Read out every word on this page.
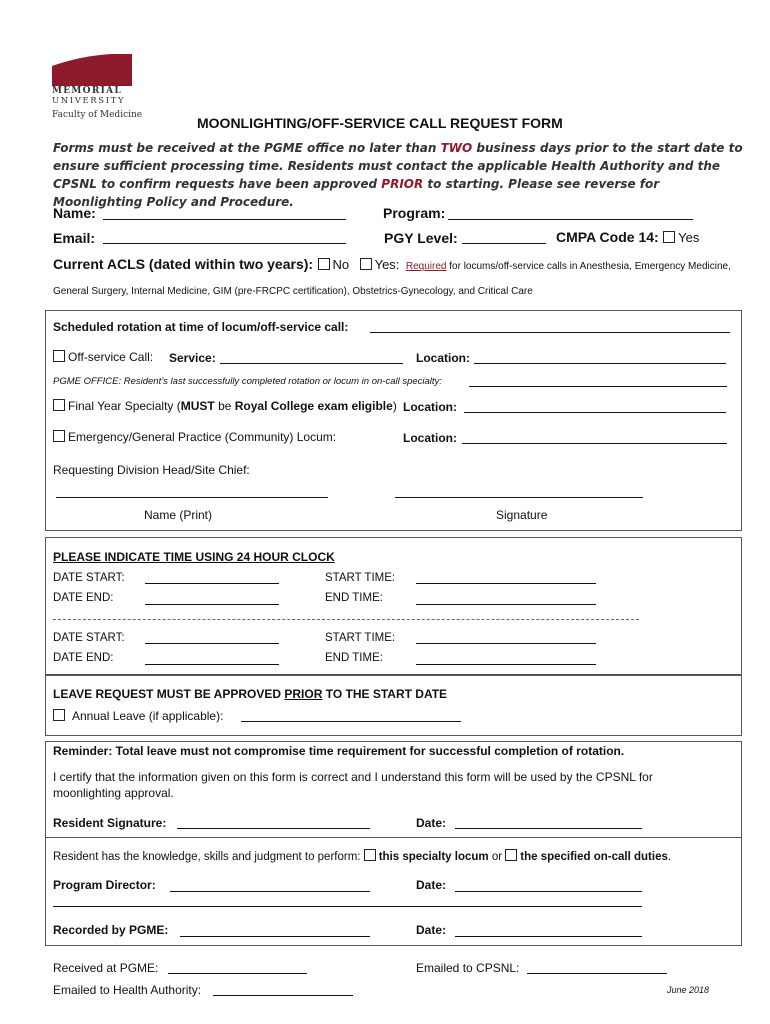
MEMORIAL
UNIVERSITY
Faculty of Medicine	MOONLIGHTING/OFF-SERVICE CALL REQUEST FORM
Forms must be received at the PGME office no later than TWO business days prior to the start date to ensure sufficient processing time. Residents must contact the applicable Health Authority and the CPSNL to confirm requests have been approved PRIOR to starting. Please see reverse for Moonlighting Policy and Procedure.
Name:	Program:
Email:	PGY Level:	CMPA Code 14: Yes
Current ACLS (dated within two years): No Yes: Required for locums/off-service calls in Anesthesia, Emergency Medicine,
General Surgery, Internal Medicine, GIM (pre-FRCPC certification), Obstetrics-Gynecology, and Critical Care
Scheduled rotation at time of locum/off-service call:
Off-service Call: Service:	Location:
PGME OFFICE: Resident’s last successfully completed rotation or locum in on-call specialty:
Final Year Specialty (MUST be Royal College exam eligible) Location:
Emergency/General Practice (Community) Locum:	Location:
Requesting Division Head/Site Chief:
Name (Print)	Signature
PLEASE INDICATE TIME USING 24 HOUR CLOCK
DATE START:	START TIME:
DATE END:	END TIME:
DATE START:	START TIME:
DATE END:	END TIME:
LEAVE REQUEST MUST BE APPROVED PRIOR TO THE START DATE
Annual Leave (if applicable):
Reminder: Total leave must not compromise time requirement for successful completion of rotation.
I certify that the information given on this form is correct and I understand this form will be used by the CPSNL for
moonlighting approval.
Resident Signature:	Date:
Resident has the knowledge, skills and judgment to perform: this specialty locum or the specified on-call duties.
Program Director:	Date:
Recorded by PGME:	Date:
Received at PGME:	Emailed to CPSNL:
Emailed to Health Authority:	June 2018
